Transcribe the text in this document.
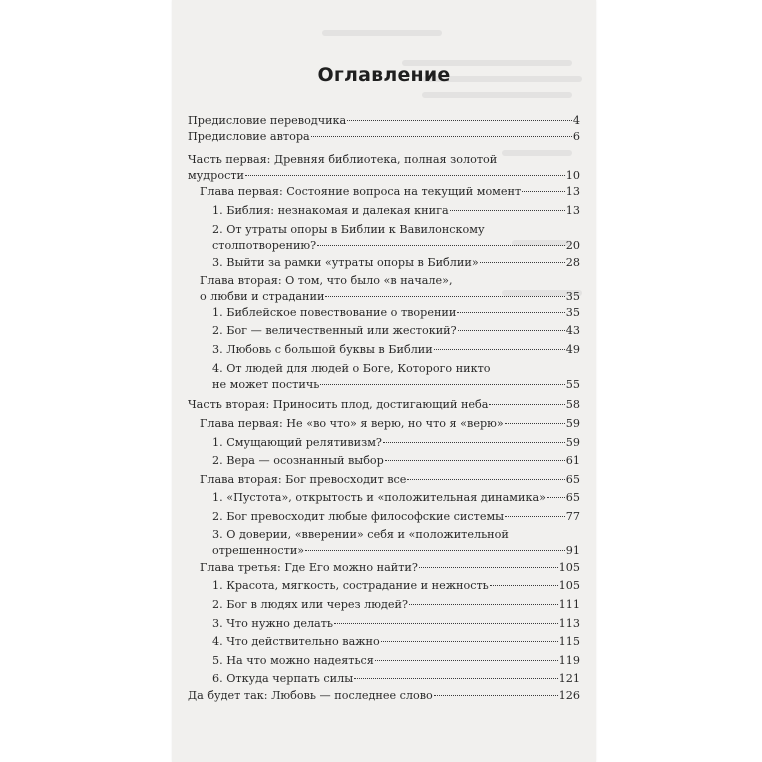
Оглавление
Предисловие переводчика	4
Предисловие автора	6
Часть первая: Древняя библиотека, полная золотой
мудрости	10
Глава первая: Состояние вопроса на текущий момент	13
1. Библия: незнакомая и далекая книга	13
2. От утраты опоры в Библии к Вавилонскому
столпотворению?	20
3. Выйти за рамки «утраты опоры в Библии»	28
Глава вторая: О том, что было «в начале»,
о любви и страдании	35
1. Библейское повествование о творении	35
2. Бог — величественный или жестокий?	43
3. Любовь с большой буквы в Библии	49
4. От людей для людей о Боге, Которого никто
не может постичь	55
Часть вторая: Приносить плод, достигающий неба	58
Глава первая: Не «во что» я верю, но что я «верю»	59
1. Смущающий релятивизм?	59
2. Вера — осознанный выбор	61
Глава вторая: Бог превосходит все	65
1. «Пустота», открытость и «положительная динамика» 65
2. Бог превосходит любые философские системы	77
3. О доверии, «вверении» себя и «положительной
отрешенности»	91
Глава третья: Где Его можно найти?	105
1. Красота, мягкость, сострадание и нежность	105
2. Бог в людях или через людей?	111
3. Что нужно делать	113
4. Что действительно важно	115
5. На что можно надеяться	119
6. Откуда черпать силы	121
Да будет так: Любовь — последнее слово	126
